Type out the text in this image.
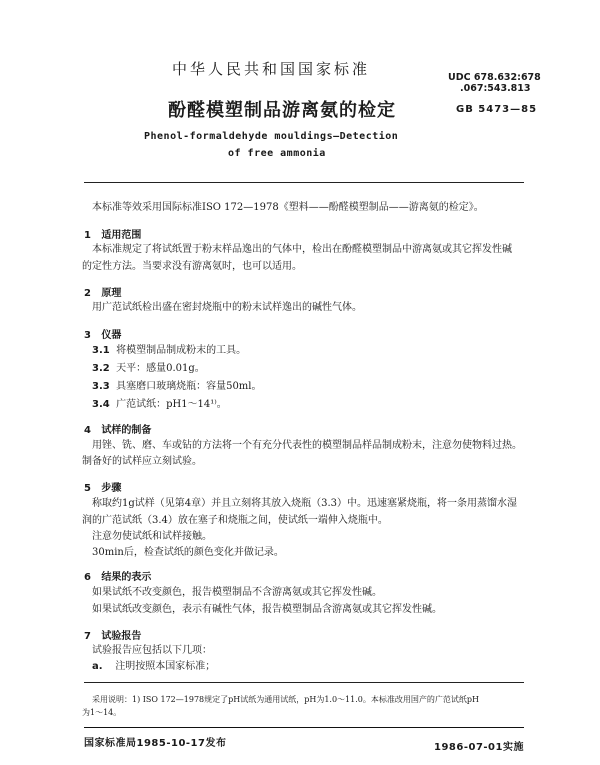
中华人民共和国国家标准	UDC 678.632:678
.067:543.813
酚醛模塑制品游离氨的检定	GB 5473—85
Phenol-formaldehyde mouldings—Detection
of free ammonia
本标准等效采用国际标准ISO 172—1978《塑料——酚醛模塑制品——游离氨的检定》。
1 适用范围
本标准规定了将试纸置于粉末样品逸出的气体中，检出在酚醛模塑制品中游离氨或其它挥发性碱
的定性方法。当要求没有游离氨时，也可以适用。
2 原理
用广范试纸检出盛在密封烧瓶中的粉末试样逸出的碱性气体。
3 仪器
3.1 将模塑制品制成粉末的工具。
3.2 天平：感量0.01g。
3.3 具塞磨口玻璃烧瓶：容量50ml。
3.4 广范试纸：pH1～14¹⁾。
4 试样的制备
用锉、铣、磨、车或钻的方法将一个有充分代表性的模塑制品样品制成粉末，注意勿使物料过热。
制备好的试样应立刻试验。
5 步骤
称取约1g试样（见第4章）并且立刻将其放入烧瓶（3.3）中。迅速塞紧烧瓶，将一条用蒸馏水湿
润的广范试纸（3.4）放在塞子和烧瓶之间，使试纸一端伸入烧瓶中。
注意勿使试纸和试样接触。
30min后，检查试纸的颜色变化并做记录。
6 结果的表示
如果试纸不改变颜色，报告模塑制品不含游离氨或其它挥发性碱。
如果试纸改变颜色，表示有碱性气体，报告模塑制品含游离氨或其它挥发性碱。
7 试验报告
试验报告应包括以下几项：
a. 注明按照本国家标准；
采用说明：1) ISO 172—1978规定了pH试纸为通用试纸，pH为1.0～11.0。本标准改用国产的广范试纸pH
为1～14。
国家标准局1985-10-17发布	1986-07-01实施
